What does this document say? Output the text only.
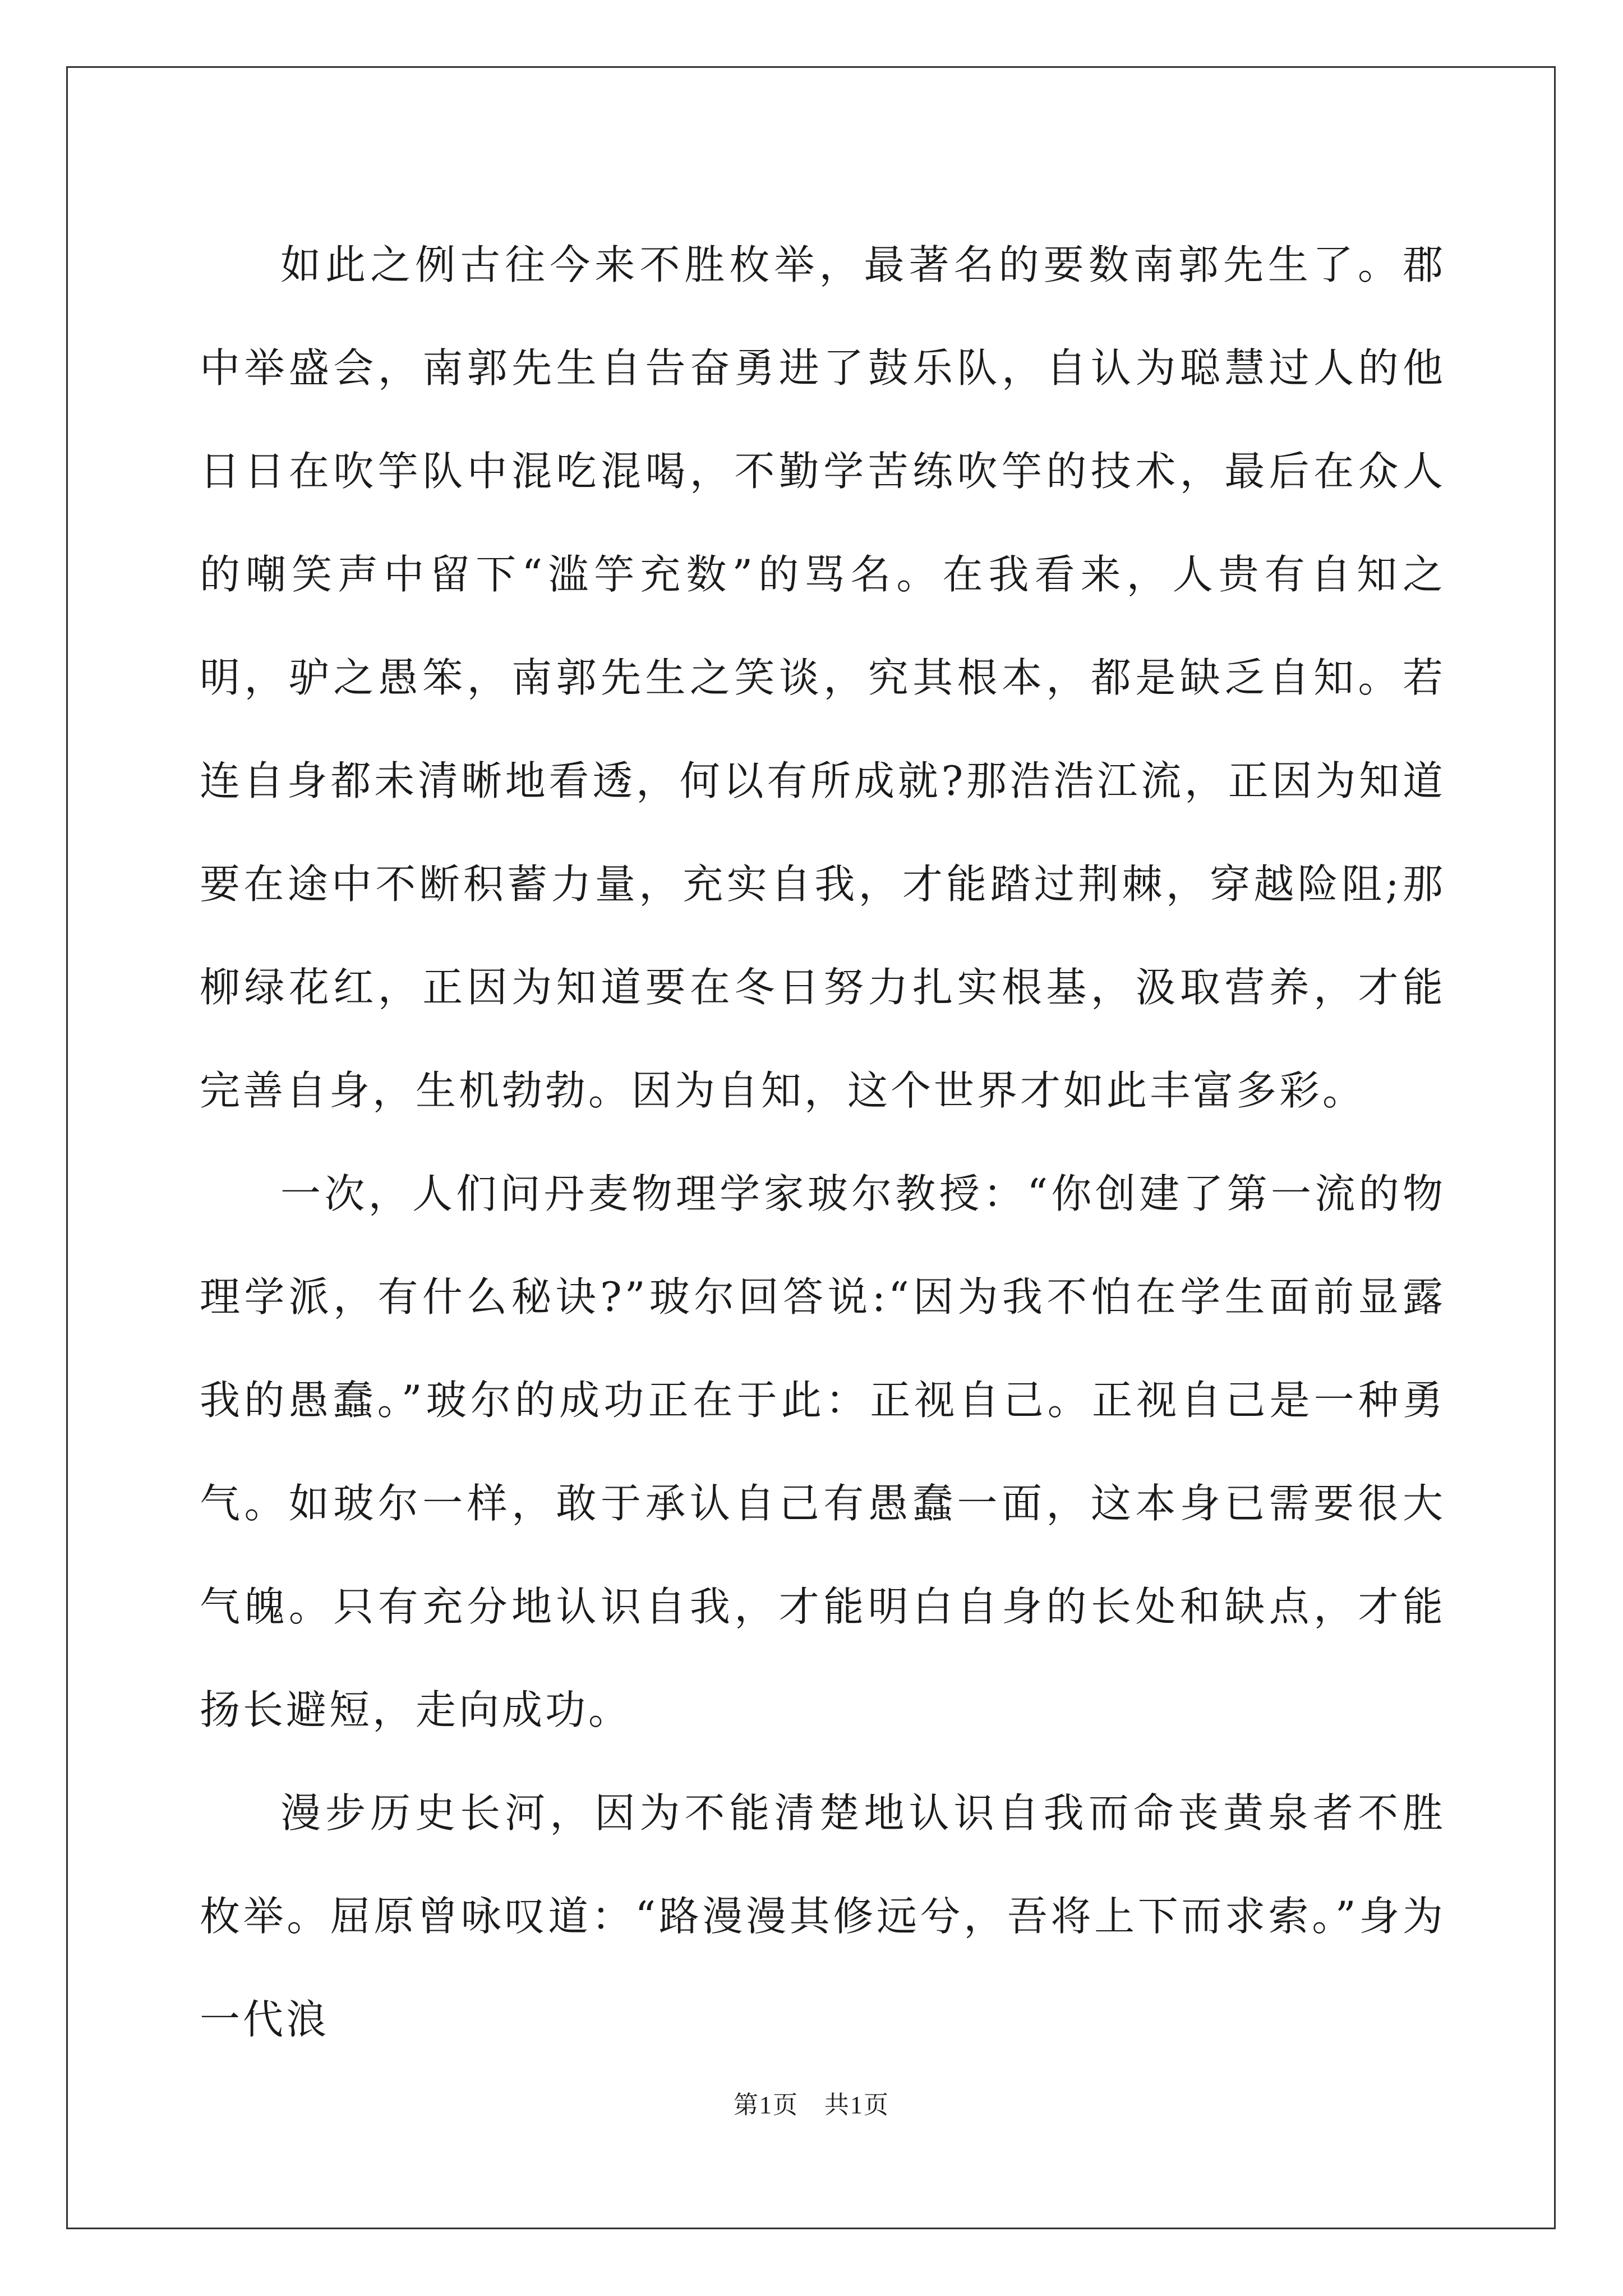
如此之例古往今来不胜枚举，最著名的要数南郭先生了。郡中举盛会，南郭先生自告奋勇进了鼓乐队，自认为聪慧过人的他日日在吹竽队中混吃混喝，不勤学苦练吹竽的技术，最后在众人的嘲笑声中留下“滥竽充数”的骂名。在我看来，人贵有自知之明，驴之愚笨，南郭先生之笑谈，究其根本，都是缺乏自知。若连自身都未清晰地看透，何以有所成就?那浩浩江流，正因为知道要在途中不断积蓄力量，充实自我，才能踏过荆棘，穿越险阻;那柳绿花红，正因为知道要在冬日努力扎实根基，汲取营养，才能完善自身，生机勃勃。因为自知，这个世界才如此丰富多彩。

一次，人们问丹麦物理学家玻尔教授：“你创建了第一流的物理学派，有什么秘诀?”玻尔回答说:“因为我不怕在学生面前显露我的愚蠢。”玻尔的成功正在于此：正视自己。正视自己是一种勇气。如玻尔一样，敢于承认自己有愚蠢一面，这本身已需要很大气魄。只有充分地认识自我，才能明白自身的长处和缺点，才能扬长避短，走向成功。

漫步历史长河，因为不能清楚地认识自我而命丧黄泉者不胜枚举。屈原曾咏叹道：“路漫漫其修远兮，吾将上下而求索。”身为一代浪

第1页 共1页
